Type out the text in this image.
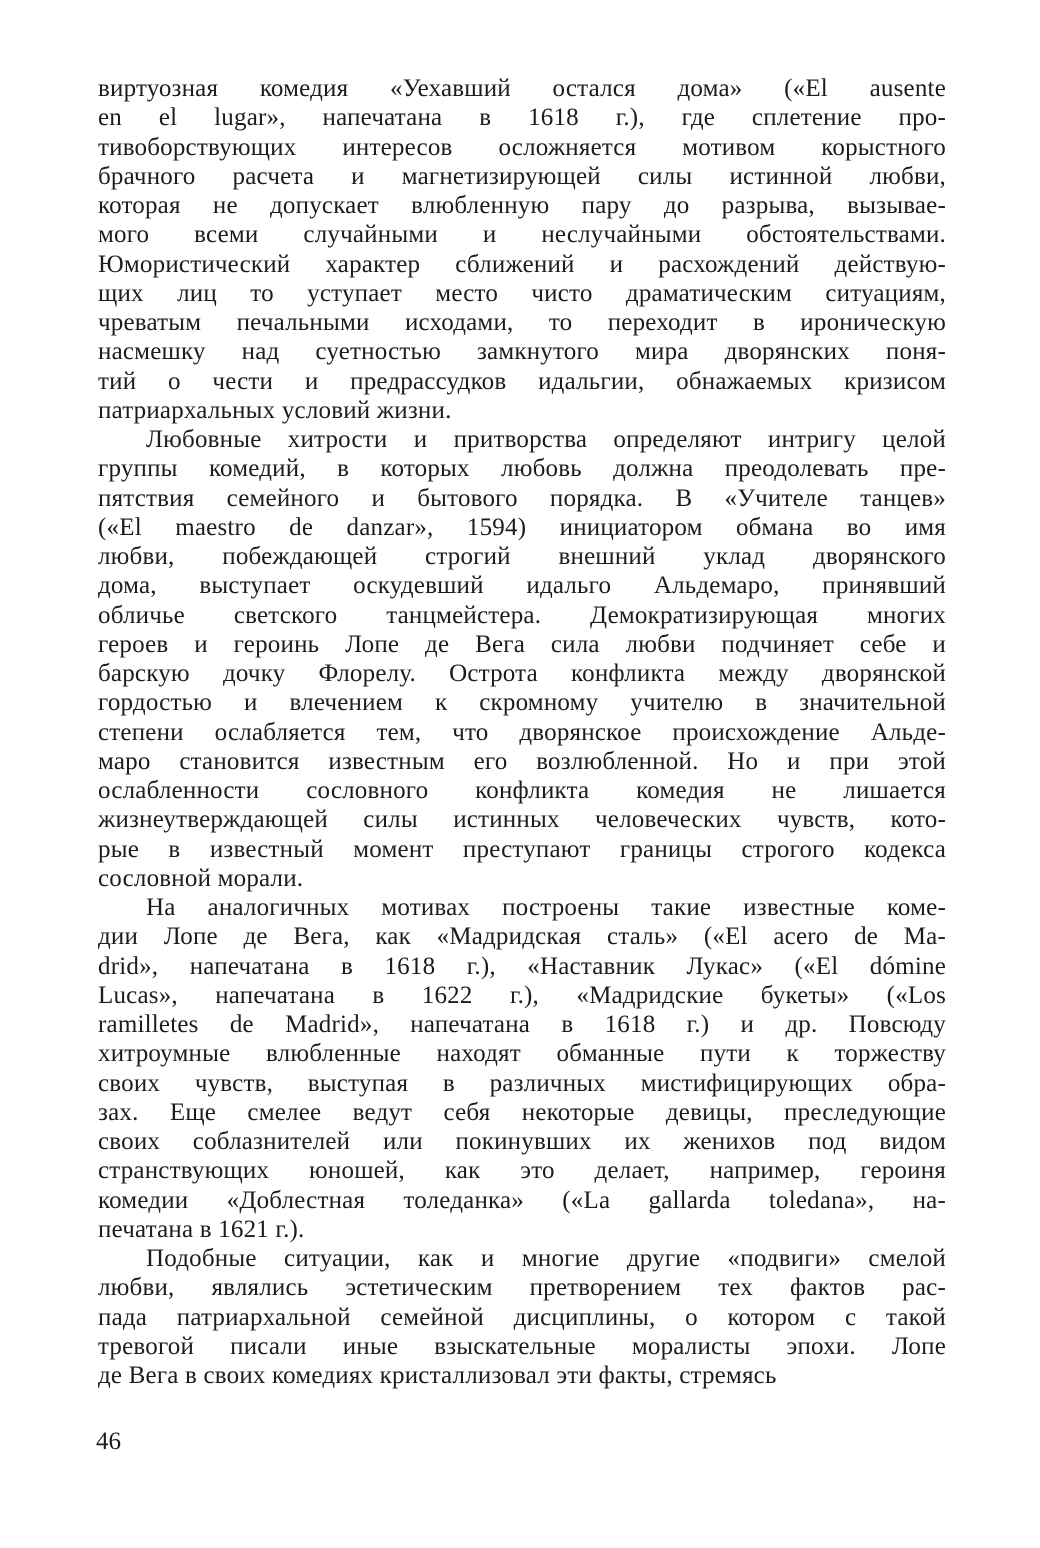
виртуозная комедия «Уехавший остался дома» («El ausente
en el lugar», напечатана в 1618 г.), где сплетение про-
тивоборствующих интересов осложняется мотивом корыстного
брачного расчета и магнетизирующей силы истинной любви,
которая не допускает влюбленную пару до разрыва, вызывае-
мого всеми случайными и неслучайными обстоятельствами.
Юмористический характер сближений и расхождений действую-
щих лиц то уступает место чисто драматическим ситуациям,
чреватым печальными исходами, то переходит в ироническую
насмешку над суетностью замкнутого мира дворянских поня-
тий о чести и предрассудков идальгии, обнажаемых кризисом
патриархальных условий жизни.
Любовные хитрости и притворства определяют интригу целой
группы комедий, в которых любовь должна преодолевать пре-
пятствия семейного и бытового порядка. В «Учителе танцев»
(«El maestro de danzar», 1594) инициатором обмана во имя
любви, побеждающей строгий внешний уклад дворянского
дома, выступает оскудевший идальго Альдемаро, принявший
обличье светского танцмейстера. Демократизирующая многих
героев и героинь Лопе де Вега сила любви подчиняет себе и
барскую дочку Флорелу. Острота конфликта между дворянской
гордостью и влечением к скромному учителю в значительной
степени ослабляется тем, что дворянское происхождение Альде-
маро становится известным его возлюбленной. Но и при этой
ослабленности сословного конфликта комедия не лишается
жизнеутверждающей силы истинных человеческих чувств, кото-
рые в известный момент преступают границы строгого кодекса
сословной морали.
На аналогичных мотивах построены такие известные коме-
дии Лопе де Вега, как «Мадридская сталь» («El acero de Ma-
drid», напечатана в 1618 г.), «Наставник Лукас» («El dómine
Lucas», напечатана в 1622 г.), «Мадридские букеты» («Los
ramilletes de Madrid», напечатана в 1618 г.) и др. Повсюду
хитроумные влюбленные находят обманные пути к торжеству
своих чувств, выступая в различных мистифицирующих обра-
зах. Еще смелее ведут себя некоторые девицы, преследующие
своих соблазнителей или покинувших их женихов под видом
странствующих юношей, как это делает, например, героиня
комедии «Доблестная толеданка» («La gallarda toledana», на-
печатана в 1621 г.).
Подобные ситуации, как и многие другие «подвиги» смелой
любви, являлись эстетическим претворением тех фактов рас-
пада патриархальной семейной дисциплины, о котором с такой
тревогой писали иные взыскательные моралисты эпохи. Лопе
де Вега в своих комедиях кристаллизовал эти факты, стремясь
46
